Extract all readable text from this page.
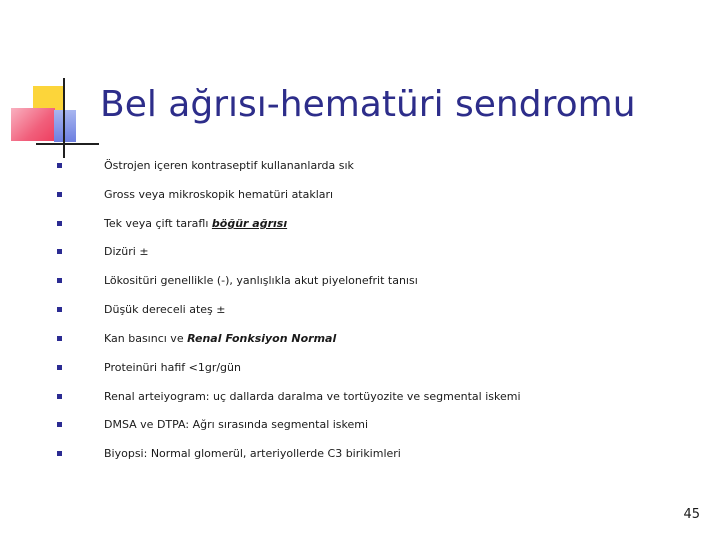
Bel ağrısı-hematüri sendromu
Östrojen içeren kontraseptif kullananlarda sık
Gross veya mikroskopik hematüri atakları
Tek veya çift taraflı böğür ağrısı
Dizüri ±
Lökositüri genellikle (-), yanlışlıkla akut piyelonefrit tanısı
Düşük dereceli ateş ±
Kan basıncı ve Renal Fonksiyon Normal
Proteinüri hafif <1gr/gün
Renal arteiyogram: uç dallarda daralma ve tortüyozite ve segmental iskemi
DMSA ve DTPA: Ağrı sırasında segmental iskemi
Biyopsi: Normal glomerül, arteriyollerde C3 birikimleri
45
